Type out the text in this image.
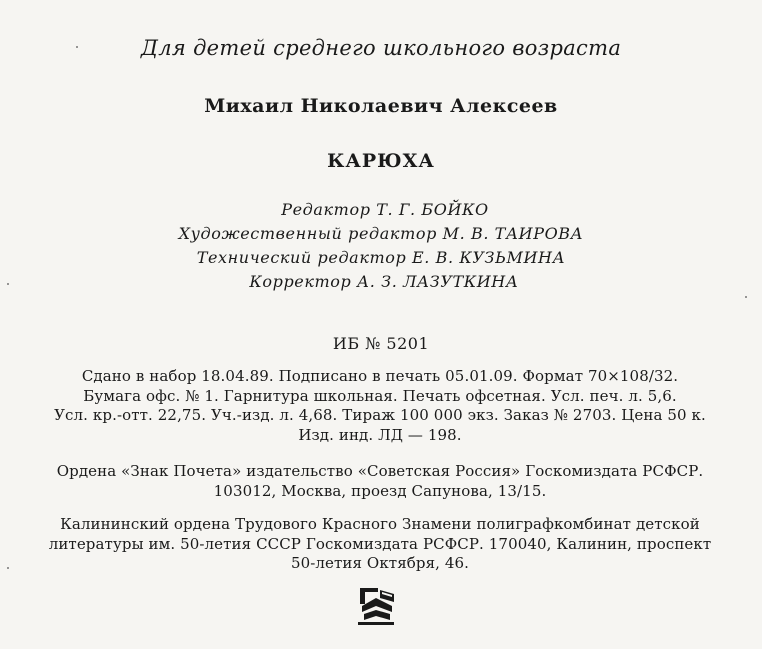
Для детей среднего школьного возраста
Михаил Николаевич Алексеев
КАРЮХА
Редактор Т. Г. БОЙКО
Художественный редактор М. В. ТАИРОВА
Технический редактор Е. В. КУЗЬМИНА
Корректор А. З. ЛАЗУТКИНА
ИБ № 5201
Сдано в набор 18.04.89. Подписано в печать 05.01.09. Формат 70×108/32.
Бумага офс. № 1. Гарнитура школьная. Печать офсетная. Усл. печ. л. 5,6.
Усл. кр.-отт. 22,75. Уч.-изд. л. 4,68. Тираж 100 000 экз. Заказ № 2703. Цена 50 к.
Изд. инд. ЛД — 198.
Ордена «Знак Почета» издательство «Советская Россия» Госкомиздата РСФСР.
103012, Москва, проезд Сапунова, 13/15.
Калининский ордена Трудового Красного Знамени полиграфкомбинат детской
литературы им. 50-летия СССР Госкомиздата РСФСР. 170040, Калинин, проспект
50-летия Октября, 46.
